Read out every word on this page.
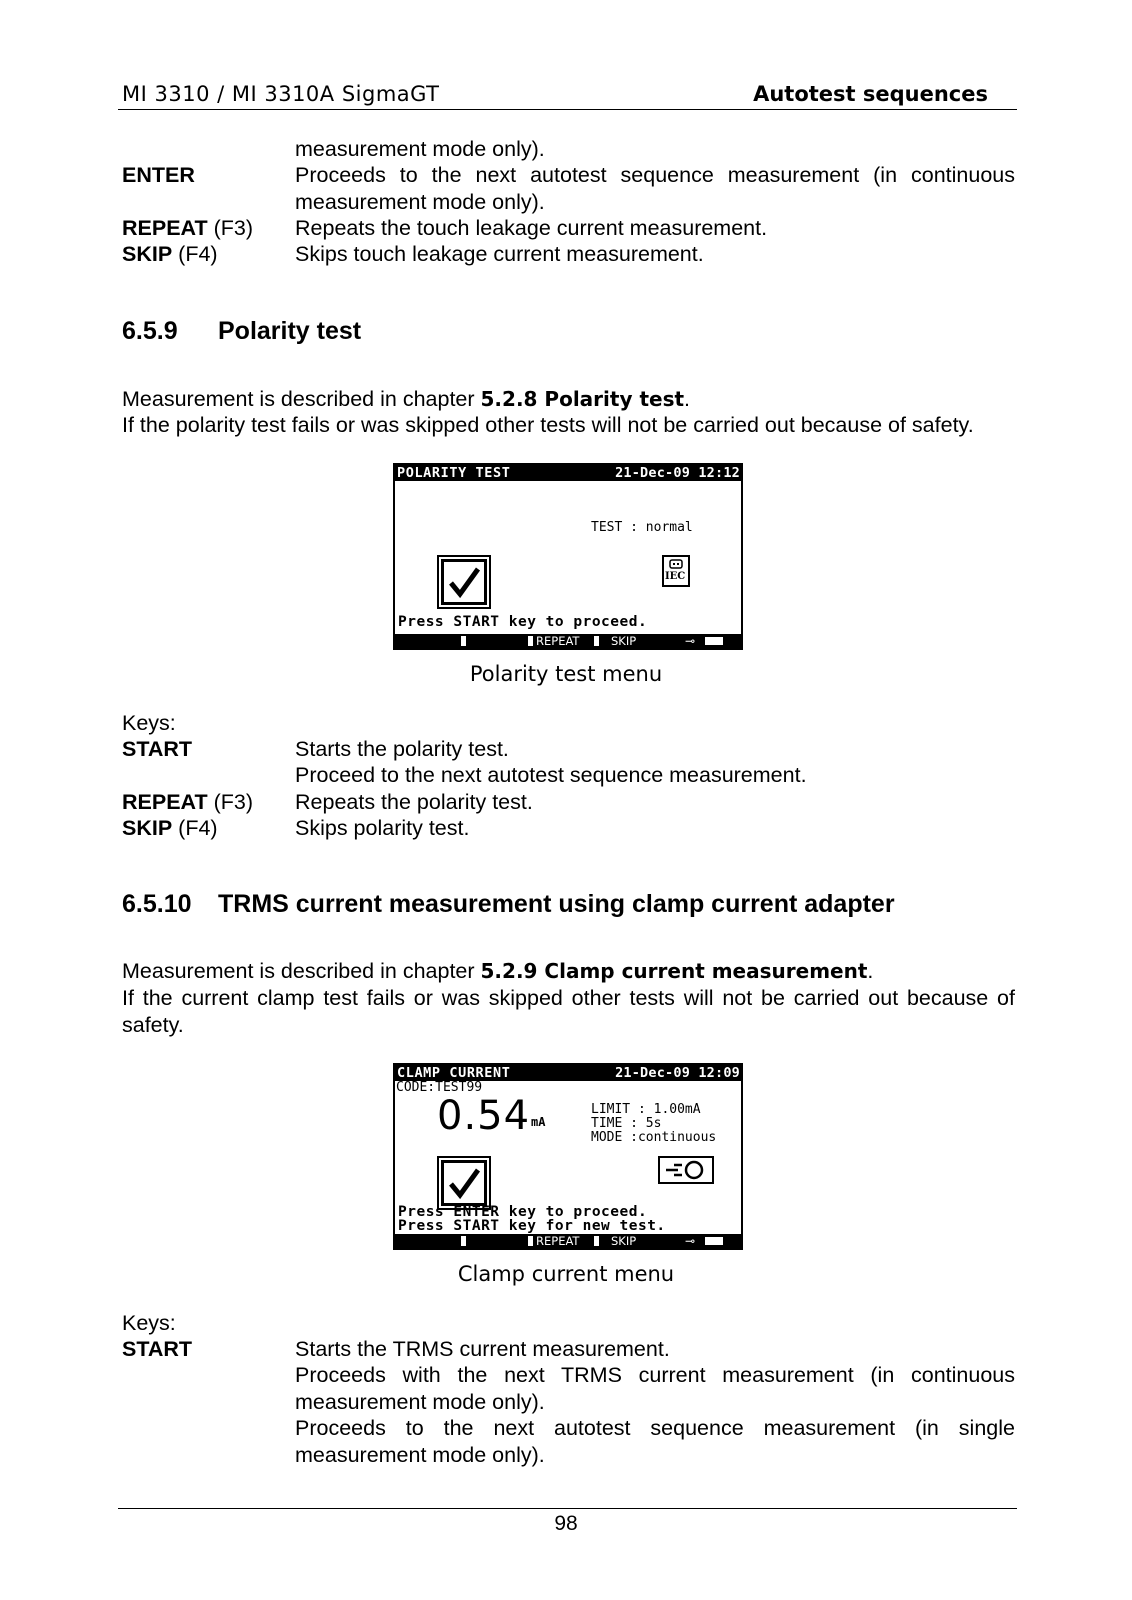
MI 3310 / MI 3310A SigmaGT	Autotest sequences
measurement mode only).
ENTER	Proceeds to the next autotest sequence measurement (in continuous measurement mode only).
REPEAT (F3) Repeats the touch leakage current measurement.
SKIP (F4)	Skips touch leakage current measurement.
6.5.9 Polarity test
Measurement is described in chapter 5.2.8 Polarity test.
If the polarity test fails or was skipped other tests will not be carried out because of safety.
POLARITY TEST	21-Dec-09 12:12
TEST : normal
IEC
Press START key to proceed.
REPEAT	SKIP	⊸
Polarity test menu
Keys:
START	Starts the polarity test.
Proceed to the next autotest sequence measurement.
REPEAT (F3) Repeats the polarity test.
SKIP (F4)	Skips polarity test.
6.5.10 TRMS current measurement using clamp current adapter
Measurement is described in chapter 5.2.9 Clamp current measurement.
If the current clamp test fails or was skipped other tests will not be carried out because of safety.
CLAMP CURRENT	21-Dec-09 12:09
CODE:TEST99
0.54 mA
LIMIT : 1.00mA
TIME : 5s
MODE :continuous
Press ENTER key to proceed.
Press START key for new test.
REPEAT	SKIP	⊸
Clamp current menu
Keys:
START	Starts the TRMS current measurement.
Proceeds with the next TRMS current measurement (in continuous measurement mode only).
Proceeds to the next autotest sequence measurement (in single measurement mode only).
98
